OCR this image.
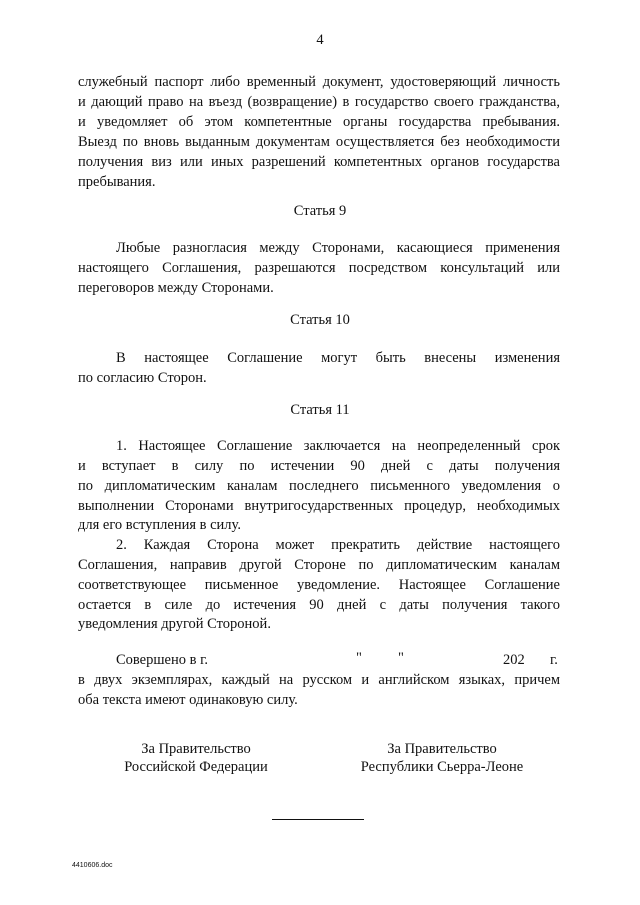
4
служебный паспорт либо временный документ, удостоверяющий личность
и дающий право на въезд (возвращение) в государство своего гражданства,
и уведомляет об этом компетентные органы государства пребывания.
Выезд по вновь выданным документам осуществляется без необходимости
получения виз или иных разрешений компетентных органов государства
пребывания.
Статья 9
Любые разногласия между Сторонами, касающиеся применения
настоящего Соглашения, разрешаются посредством консультаций или
переговоров между Сторонами.
Статья 10
В настоящее Соглашение могут быть внесены изменения
по согласию Сторон.
Статья 11
1. Настоящее Соглашение заключается на неопределенный срок
и вступает в силу по истечении 90 дней с даты получения
по дипломатическим каналам последнего письменного уведомления о
выполнении Сторонами внутригосударственных процедур, необходимых
для его вступления в силу.
2. Каждая Сторона может прекратить действие настоящего
Соглашения, направив другой Стороне по дипломатическим каналам
соответствующее письменное уведомление. Настоящее Соглашение
остается в силе до истечения 90 дней с даты получения такого
уведомления другой Стороной.
Совершено в г.	" "	202 г.
в двух экземплярах, каждый на русском и английском языках, причем
оба текста имеют одинаковую силу.
За Правительство
Российской Федерации
За Правительство
Республики Сьерра-Леоне
4410606.doc
